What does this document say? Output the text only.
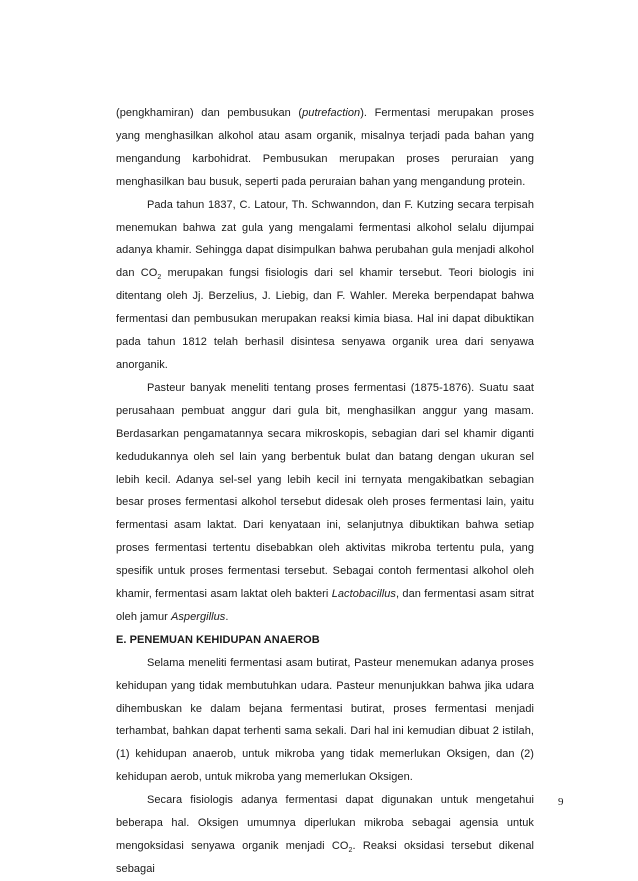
(pengkhamiran) dan pembusukan (putrefaction). Fermentasi merupakan proses yang menghasilkan alkohol atau asam organik, misalnya terjadi pada bahan yang mengandung karbohidrat. Pembusukan merupakan proses peruraian yang menghasilkan bau busuk, seperti pada peruraian bahan yang mengandung protein.

Pada tahun 1837, C. Latour, Th. Schwanndon, dan F. Kutzing secara terpisah menemukan bahwa zat gula yang mengalami fermentasi alkohol selalu dijumpai adanya khamir. Sehingga dapat disimpulkan bahwa perubahan gula menjadi alkohol dan $CO_2$ merupakan fungsi fisiologis dari sel khamir tersebut. Teori biologis ini ditentang oleh Jj. Berzelius, J. Liebig, dan F. Wahler. Mereka berpendapat bahwa fermentasi dan pembusukan merupakan reaksi kimia biasa. Hal ini dapat dibuktikan pada tahun 1812 telah berhasil disintesa senyawa organik urea dari senyawa anorganik.

Pasteur banyak meneliti tentang proses fermentasi (1875-1876). Suatu saat perusahaan pembuat anggur dari gula bit, menghasilkan anggur yang masam. Berdasarkan pengamatannya secara mikroskopis, sebagian dari sel khamir diganti kedudukannya oleh sel lain yang berbentuk bulat dan batang dengan ukuran sel lebih kecil. Adanya sel-sel yang lebih kecil ini ternyata mengakibatkan sebagian besar proses fermentasi alkohol tersebut didesak oleh proses fermentasi lain, yaitu fermentasi asam laktat. Dari kenyataan ini, selanjutnya dibuktikan bahwa setiap proses fermentasi tertentu disebabkan oleh aktivitas mikroba tertentu pula, yang spesifik untuk proses fermentasi tersebut. Sebagai contoh fermentasi alkohol oleh khamir, fermentasi asam laktat oleh bakteri Lactobacillus, dan fermentasi asam sitrat oleh jamur Aspergillus.

E. PENEMUAN KEHIDUPAN ANAEROB

Selama meneliti fermentasi asam butirat, Pasteur menemukan adanya proses kehidupan yang tidak membutuhkan udara. Pasteur menunjukkan bahwa jika udara dihembuskan ke dalam bejana fermentasi butirat, proses fermentasi menjadi terhambat, bahkan dapat terhenti sama sekali. Dari hal ini kemudian dibuat 2 istilah, (1) kehidupan anaerob, untuk mikroba yang tidak memerlukan Oksigen, dan (2) kehidupan aerob, untuk mikroba yang memerlukan Oksigen.

Secara fisiologis adanya fermentasi dapat digunakan untuk mengetahui beberapa hal. Oksigen umumnya diperlukan mikroba sebagai agensia untuk mengoksidasi senyawa organik menjadi $CO_2$. Reaksi oksidasi tersebut dikenal sebagai

9
